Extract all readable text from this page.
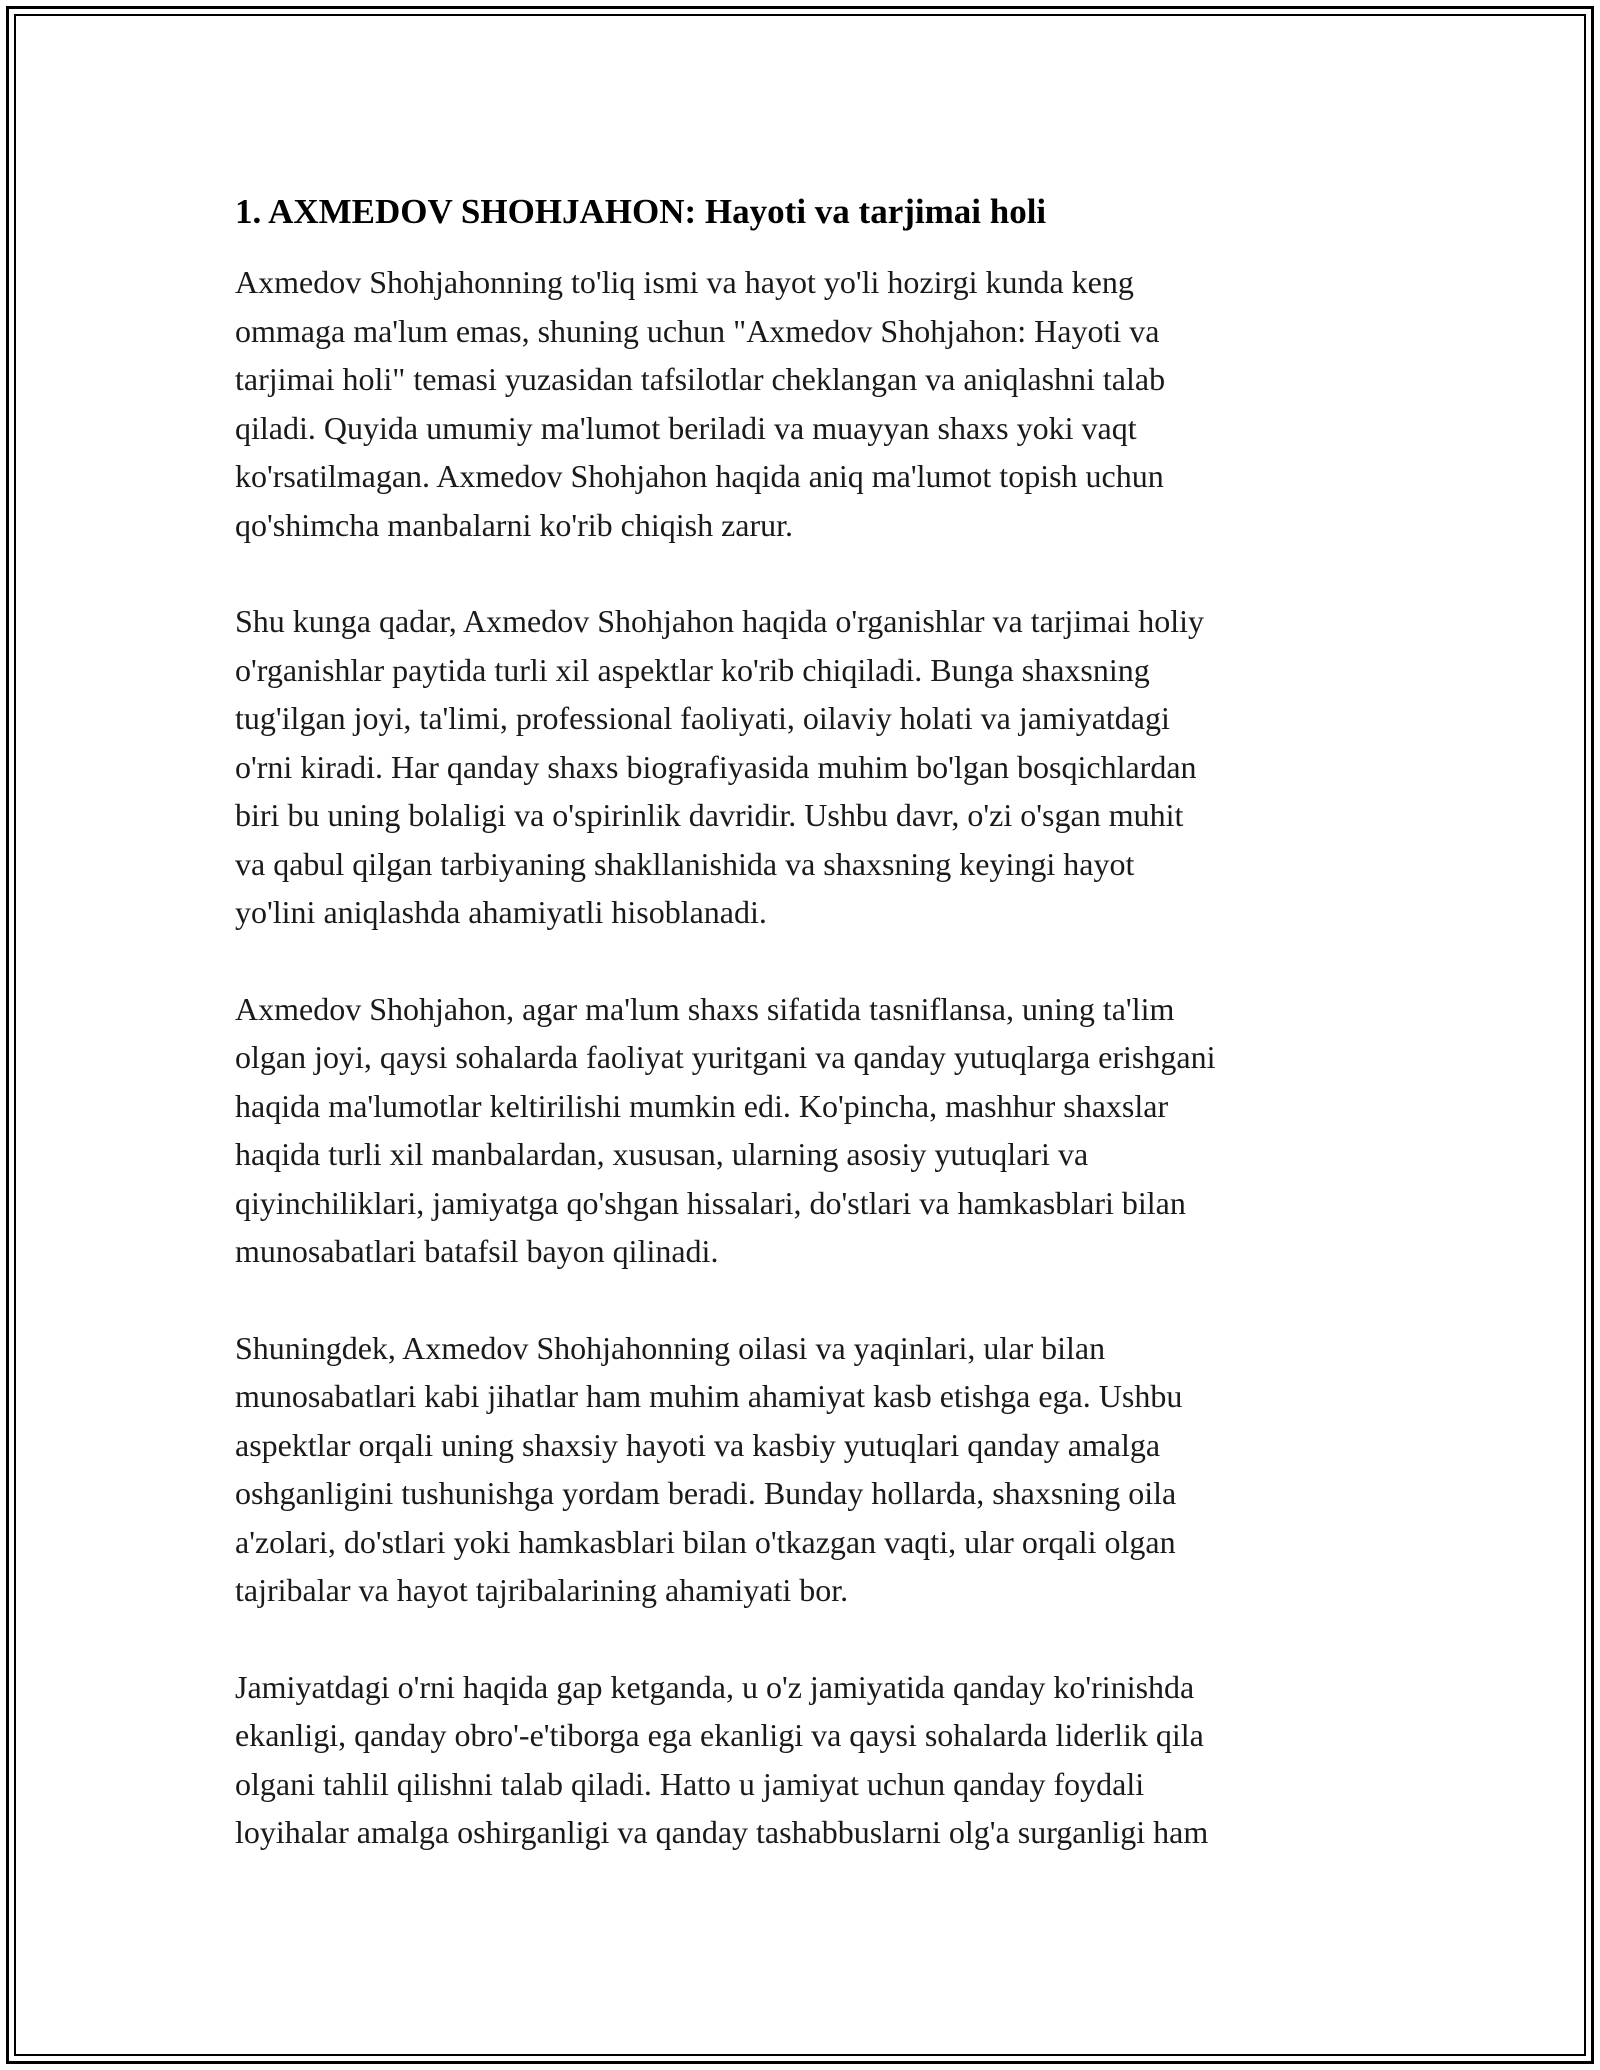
1. AXMEDOV SHOHJAHON: Hayoti va tarjimai holi

Axmedov Shohjahonning to'liq ismi va hayot yo'li hozirgi kunda keng
ommaga ma'lum emas, shuning uchun "Axmedov Shohjahon: Hayoti va
tarjimai holi" temasi yuzasidan tafsilotlar cheklangan va aniqlashni talab
qiladi. Quyida umumiy ma'lumot beriladi va muayyan shaxs yoki vaqt
ko'rsatilmagan. Axmedov Shohjahon haqida aniq ma'lumot topish uchun
qo'shimcha manbalarni ko'rib chiqish zarur.

Shu kunga qadar, Axmedov Shohjahon haqida o'rganishlar va tarjimai holiy
o'rganishlar paytida turli xil aspektlar ko'rib chiqiladi. Bunga shaxsning
tug'ilgan joyi, ta'limi, professional faoliyati, oilaviy holati va jamiyatdagi
o'rni kiradi. Har qanday shaxs biografiyasida muhim bo'lgan bosqichlardan
biri bu uning bolaligi va o'spirinlik davridir. Ushbu davr, o'zi o'sgan muhit
va qabul qilgan tarbiyaning shakllanishida va shaxsning keyingi hayot
yo'lini aniqlashda ahamiyatli hisoblanadi.

Axmedov Shohjahon, agar ma'lum shaxs sifatida tasniflansa, uning ta'lim
olgan joyi, qaysi sohalarda faoliyat yuritgani va qanday yutuqlarga erishgani
haqida ma'lumotlar keltirilishi mumkin edi. Ko'pincha, mashhur shaxslar
haqida turli xil manbalardan, xususan, ularning asosiy yutuqlari va
qiyinchiliklari, jamiyatga qo'shgan hissalari, do'stlari va hamkasblari bilan
munosabatlari batafsil bayon qilinadi.

Shuningdek, Axmedov Shohjahonning oilasi va yaqinlari, ular bilan
munosabatlari kabi jihatlar ham muhim ahamiyat kasb etishga ega. Ushbu
aspektlar orqali uning shaxsiy hayoti va kasbiy yutuqlari qanday amalga
oshganligini tushunishga yordam beradi. Bunday hollarda, shaxsning oila
a'zolari, do'stlari yoki hamkasblari bilan o'tkazgan vaqti, ular orqali olgan
tajribalar va hayot tajribalarining ahamiyati bor.

Jamiyatdagi o'rni haqida gap ketganda, u o'z jamiyatida qanday ko'rinishda
ekanligi, qanday obro'-e'tiborga ega ekanligi va qaysi sohalarda liderlik qila
olgani tahlil qilishni talab qiladi. Hatto u jamiyat uchun qanday foydali
loyihalar amalga oshirganligi va qanday tashabbuslarni olg'a surganligi ham
